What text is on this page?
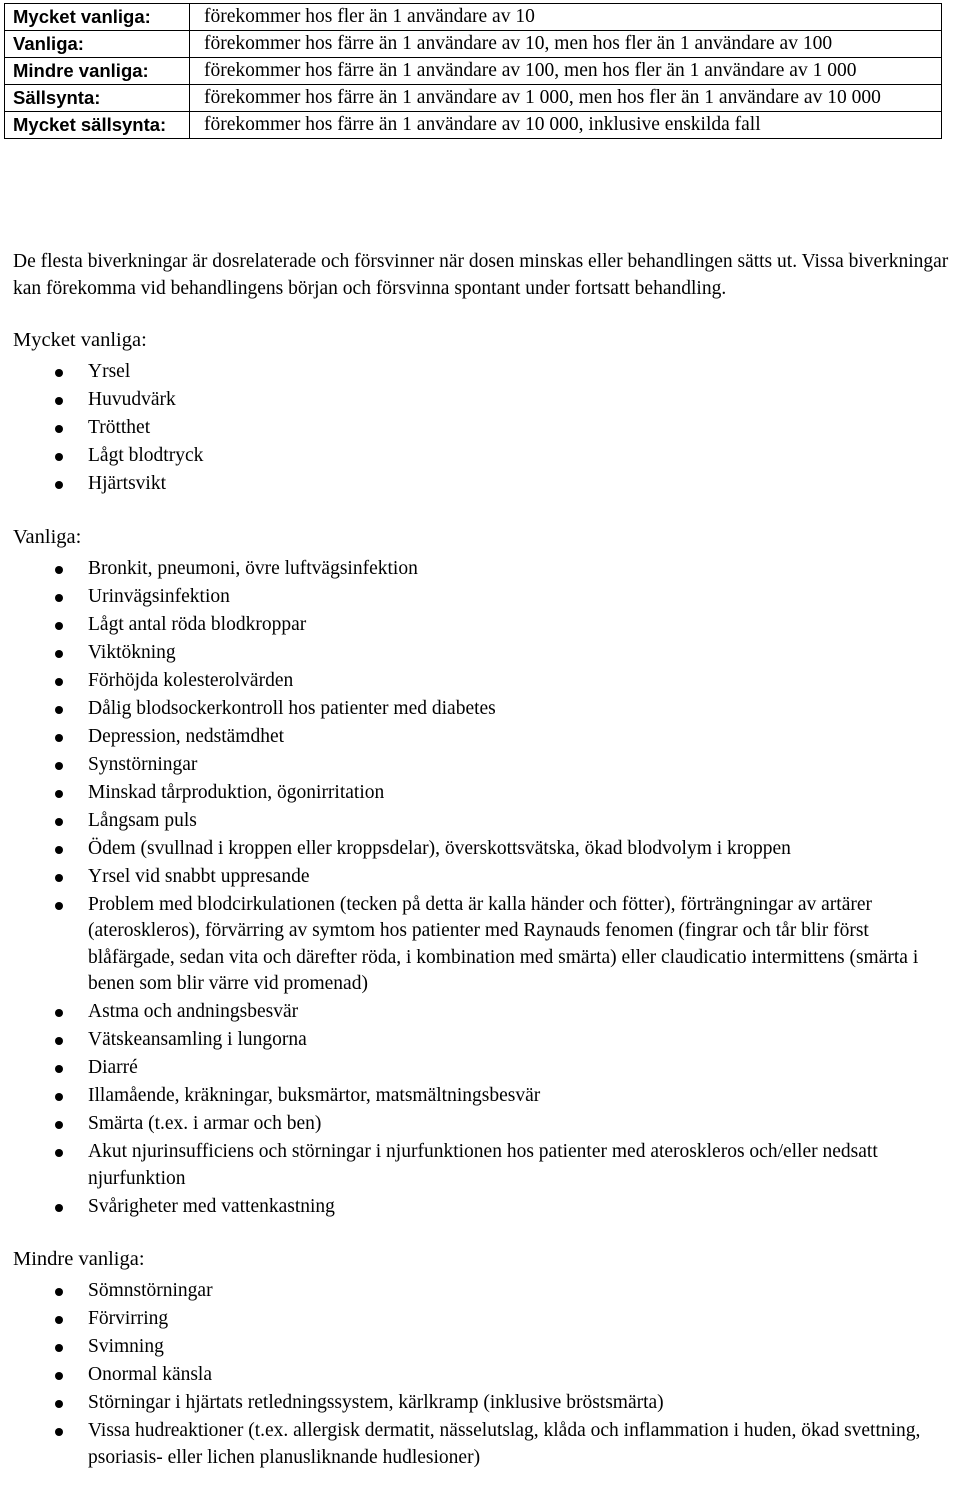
Mycket vanliga:	förekommer hos fler än 1 användare av 10
Vanliga:	förekommer hos färre än 1 användare av 10, men hos fler än 1 användare av 100
Mindre vanliga:	förekommer hos färre än 1 användare av 100, men hos fler än 1 användare av 1 000
Sällsynta:	förekommer hos färre än 1 användare av 1 000, men hos fler än 1 användare av 10 000
Mycket sällsynta:	förekommer hos färre än 1 användare av 10 000, inklusive enskilda fall

De flesta biverkningar är dosrelaterade och försvinner när dosen minskas eller behandlingen sätts ut. Vissa biverkningar kan förekomma vid behandlingens början och försvinna spontant under fortsatt behandling.

Mycket vanliga:
Yrsel
Huvudvärk
Trötthet
Lågt blodtryck
Hjärtsvikt
Vanliga:
Bronkit, pneumoni, övre luftvägsinfektion
Urinvägsinfektion
Lågt antal röda blodkroppar
Viktökning
Förhöjda kolesterolvärden
Dålig blodsockerkontroll hos patienter med diabetes
Depression, nedstämdhet
Synstörningar
Minskad tårproduktion, ögonirritation
Långsam puls
Ödem (svullnad i kroppen eller kroppsdelar), överskottsvätska, ökad blodvolym i kroppen
Yrsel vid snabbt uppresande
Problem med blodcirkulationen (tecken på detta är kalla händer och fötter), förträngningar av artärer (ateroskleros), förvärring av symtom hos patienter med Raynauds fenomen (fingrar och tår blir först blåfärgade, sedan vita och därefter röda, i kombination med smärta) eller claudicatio intermittens (smärta i benen som blir värre vid promenad)
Astma och andningsbesvär
Vätskeansamling i lungorna
Diarré
Illamående, kräkningar, buksmärtor, matsmältningsbesvär
Smärta (t.ex. i armar och ben)
Akut njurinsufficiens och störningar i njurfunktionen hos patienter med ateroskleros och/eller nedsatt njurfunktion
Svårigheter med vattenkastning
Mindre vanliga:
Sömnstörningar
Förvirring
Svimning
Onormal känsla
Störningar i hjärtats retledningssystem, kärlkramp (inklusive bröstsmärta)
Vissa hudreaktioner (t.ex. allergisk dermatit, nässelutslag, klåda och inflammation i huden, ökad svettning, psoriasis- eller lichen planusliknande hudlesioner)
